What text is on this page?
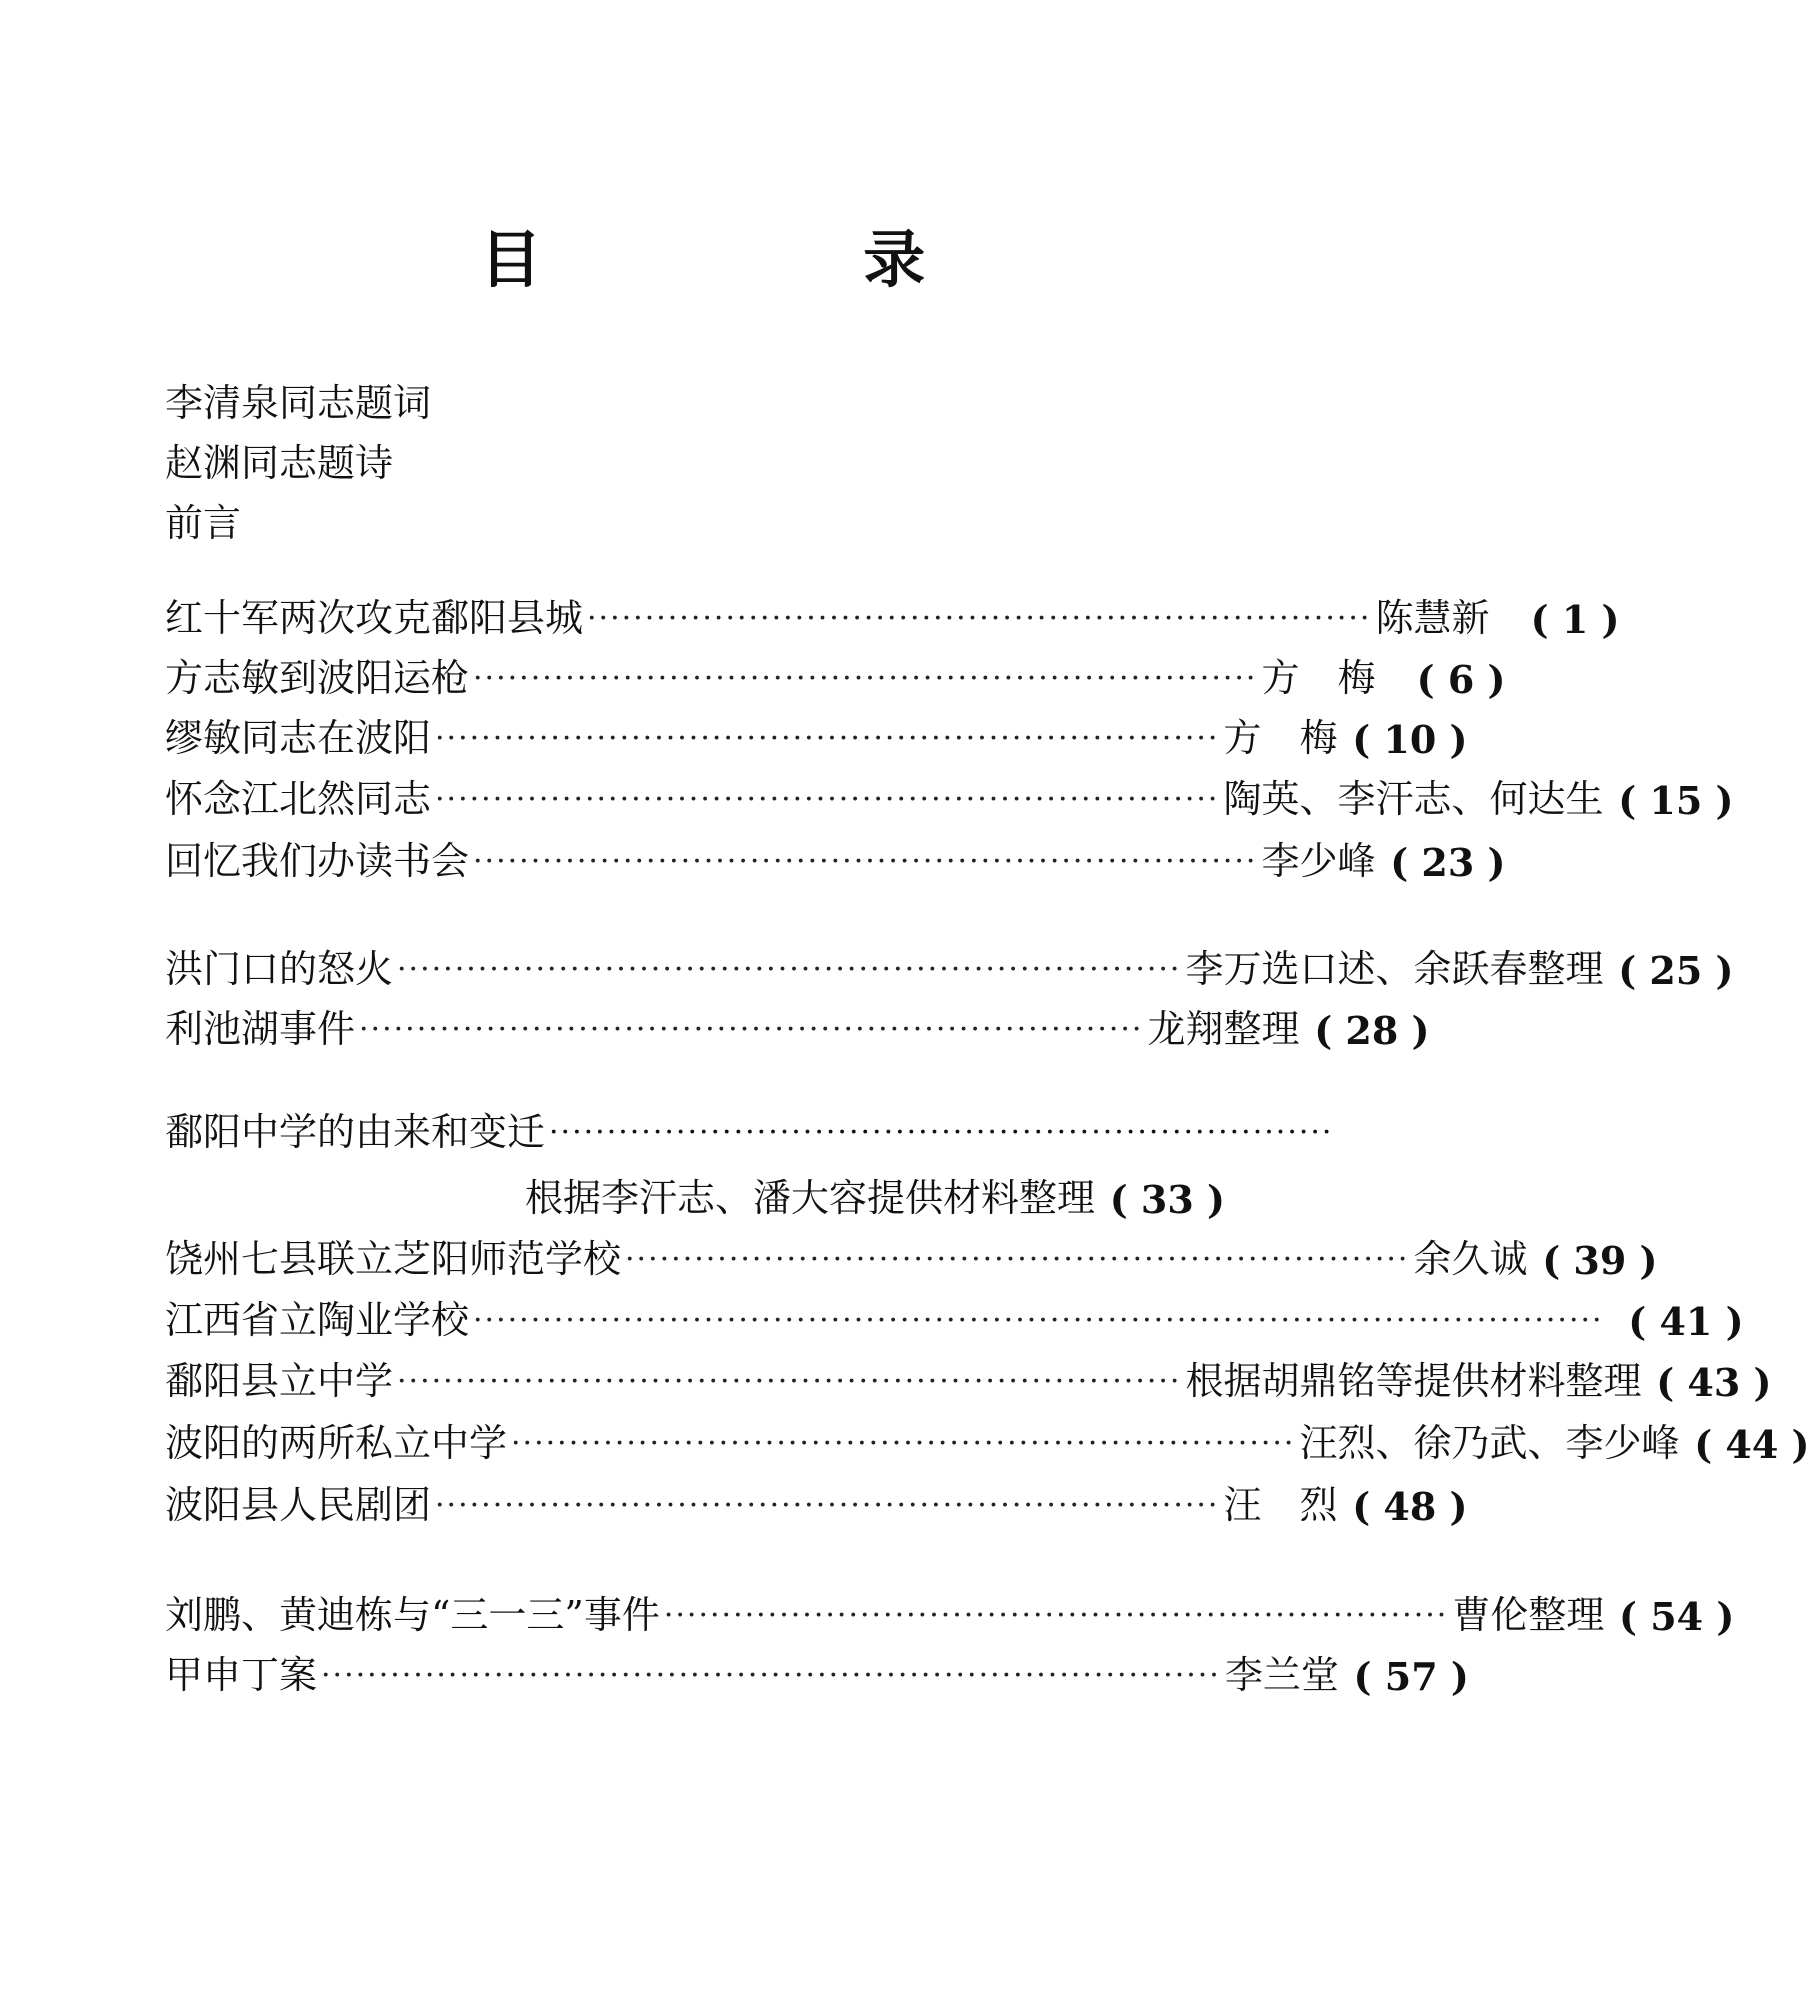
目 录
李清泉同志题词
赵渊同志题诗
前言
红十军两次攻克鄱阳县城 ···································································· 陈慧新	( 1 )
方志敏到波阳运枪 ···································································· 方　梅	( 6 )
缪敏同志在波阳 ···································································· 方　梅 ( 10 )
怀念江北然同志 ···································································· 陶英、李汗志、何达生 ( 15 )
回忆我们办读书会 ···································································· 李少峰 ( 23 )
洪门口的怒火 ···································································· 李万选口述、余跃春整理 ( 25 )
利池湖事件 ···································································· 龙翔整理 ( 28 )
鄱阳中学的由来和变迁 ····································································
根据李汗志、潘大容提供材料整理 ( 33 )
饶州七县联立芝阳师范学校 ···································································· 余久诚 ( 39 )
江西省立陶业学校 ·································································································· ( 41 )
鄱阳县立中学 ···································································· 根据胡鼎铭等提供材料整理 ( 43 )
波阳的两所私立中学 ···································································· 汪烈、徐乃武、李少峰 ( 44 )
波阳县人民剧团 ···································································· 汪　烈 ( 48 )
刘鹏、黄迪栋与“三一三”事件 ···································································· 曹伦整理 ( 54 )
甲申丁案 ·············································································· 李兰堂 ( 57 )
